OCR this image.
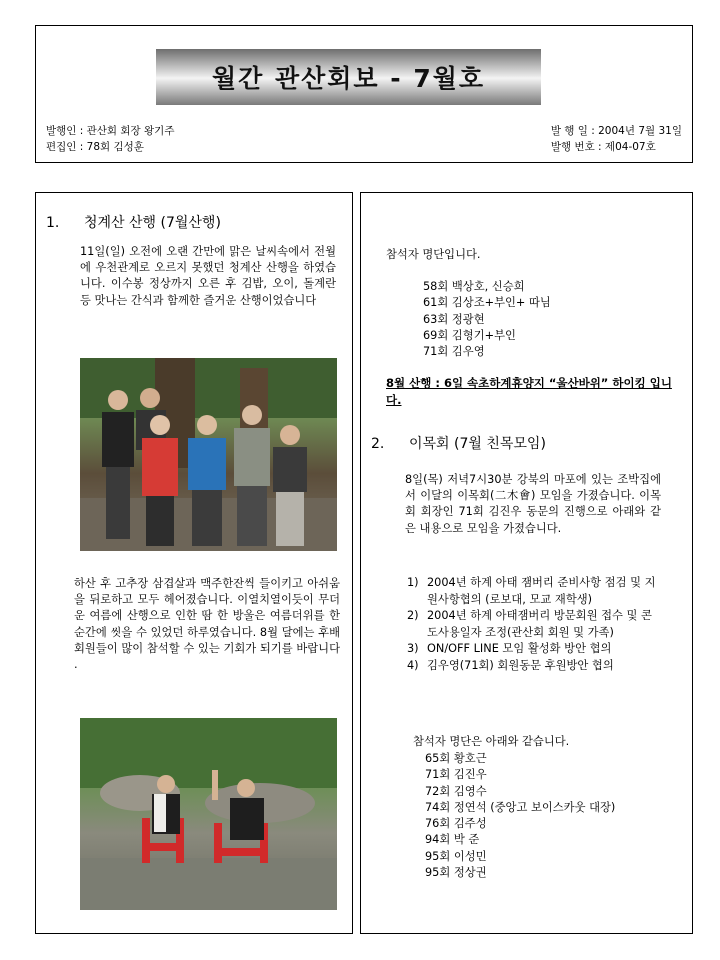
월간 관산회보 - 7월호
발행인 : 관산회 회장 왕기주
편집인 : 78회 김성훈
발 행 일 : 2004년 7월 31일
발행 번호 : 제04-07호
1. 청계산 산행 (7월산행)
11일(일) 오전에 오랜 간만에 맑은 날씨속에서 전월에 우천관계로 오르지 못했던 청계산 산행을 하였습니다. 이수봉 정상까지 오른 후 김밥, 오이, 돌계란 등 맛나는 간식과 함께한 즐거운 산행이었습니다
하산 후 고추장 삼겹살과 맥주한잔씩 들이키고 아쉬움을 뒤로하고 모두 헤어졌습니다. 이열치열이듯이 무더운 여름에 산행으로 인한 땀 한 방울은 여름더위를 한 순간에 씻을 수 있었던 하루였습니다. 8월 달에는 후배회원들이 많이 참석할 수 있는 기회가 되기를 바랍니다 .
참석자 명단입니다.
58회 백상호, 신승희
61회 김상조+부인+ 따님
63회 정광현
69회 김형기+부인
71회 김우영
8월 산행 : 6일 속초하계휴양지 “울산바위” 하이킹 입니다.
2. 이목회 (7월 친목모임)
8일(목) 저녁7시30분 강북의 마포에 있는 조박집에서 이달의 이목회(二木會) 모임을 가졌습니다. 이목회 회장인 71회 김진우 동문의 진행으로 아래와 같은 내용으로 모임을 가졌습니다.
1) 2004년 하계 아태 잼버리 준비사항 점검 및 지원사항협의 (로보대, 모교 재학생)
2) 2004년 하계 아태잼버리 방문회원 접수 및 콘도사용일자 조정(관산회 회원 및 가족)
3) ON/OFF LINE 모임 활성화 방안 협의
4) 김우영(71회) 회원동문 후원방안 협의
참석자 명단은 아래와 같습니다.
65회 황호근
71회 김진우
72회 김영수
74회 정연석 (중앙고 보이스카웃 대장)
76회 김주성
94회 박 준
95회 이성민
95회 정상권
